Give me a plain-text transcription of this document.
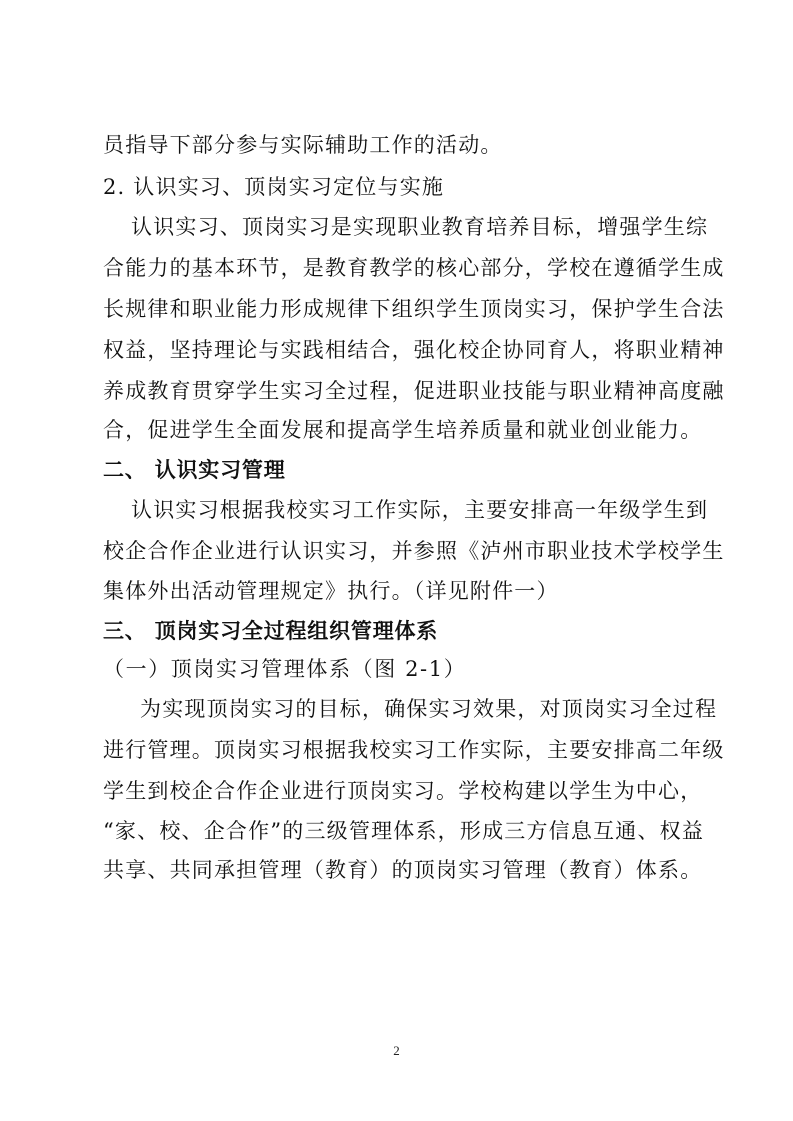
员指导下部分参与实际辅助工作的活动。
2. 认识实习、顶岗实习定位与实施
认识实习、顶岗实习是实现职业教育培养目标，增强学生综
合能力的基本环节，是教育教学的核心部分，学校在遵循学生成
长规律和职业能力形成规律下组织学生顶岗实习，保护学生合法
权益，坚持理论与实践相结合，强化校企协同育人，将职业精神
养成教育贯穿学生实习全过程，促进职业技能与职业精神高度融
合，促进学生全面发展和提高学生培养质量和就业创业能力。
二、 认识实习管理
认识实习根据我校实习工作实际，主要安排高一年级学生到
校企合作企业进行认识实习，并参照《泸州市职业技术学校学生
集体外出活动管理规定》执行。（详见附件一）
三、 顶岗实习全过程组织管理体系
（一）顶岗实习管理体系（图 2-1）
为实现顶岗实习的目标，确保实习效果，对顶岗实习全过程
进行管理。顶岗实习根据我校实习工作实际，主要安排高二年级
学生到校企合作企业进行顶岗实习。学校构建以学生为中心，
“家、校、企合作”的三级管理体系，形成三方信息互通、权益
共享、共同承担管理（教育）的顶岗实习管理（教育）体系。
2
